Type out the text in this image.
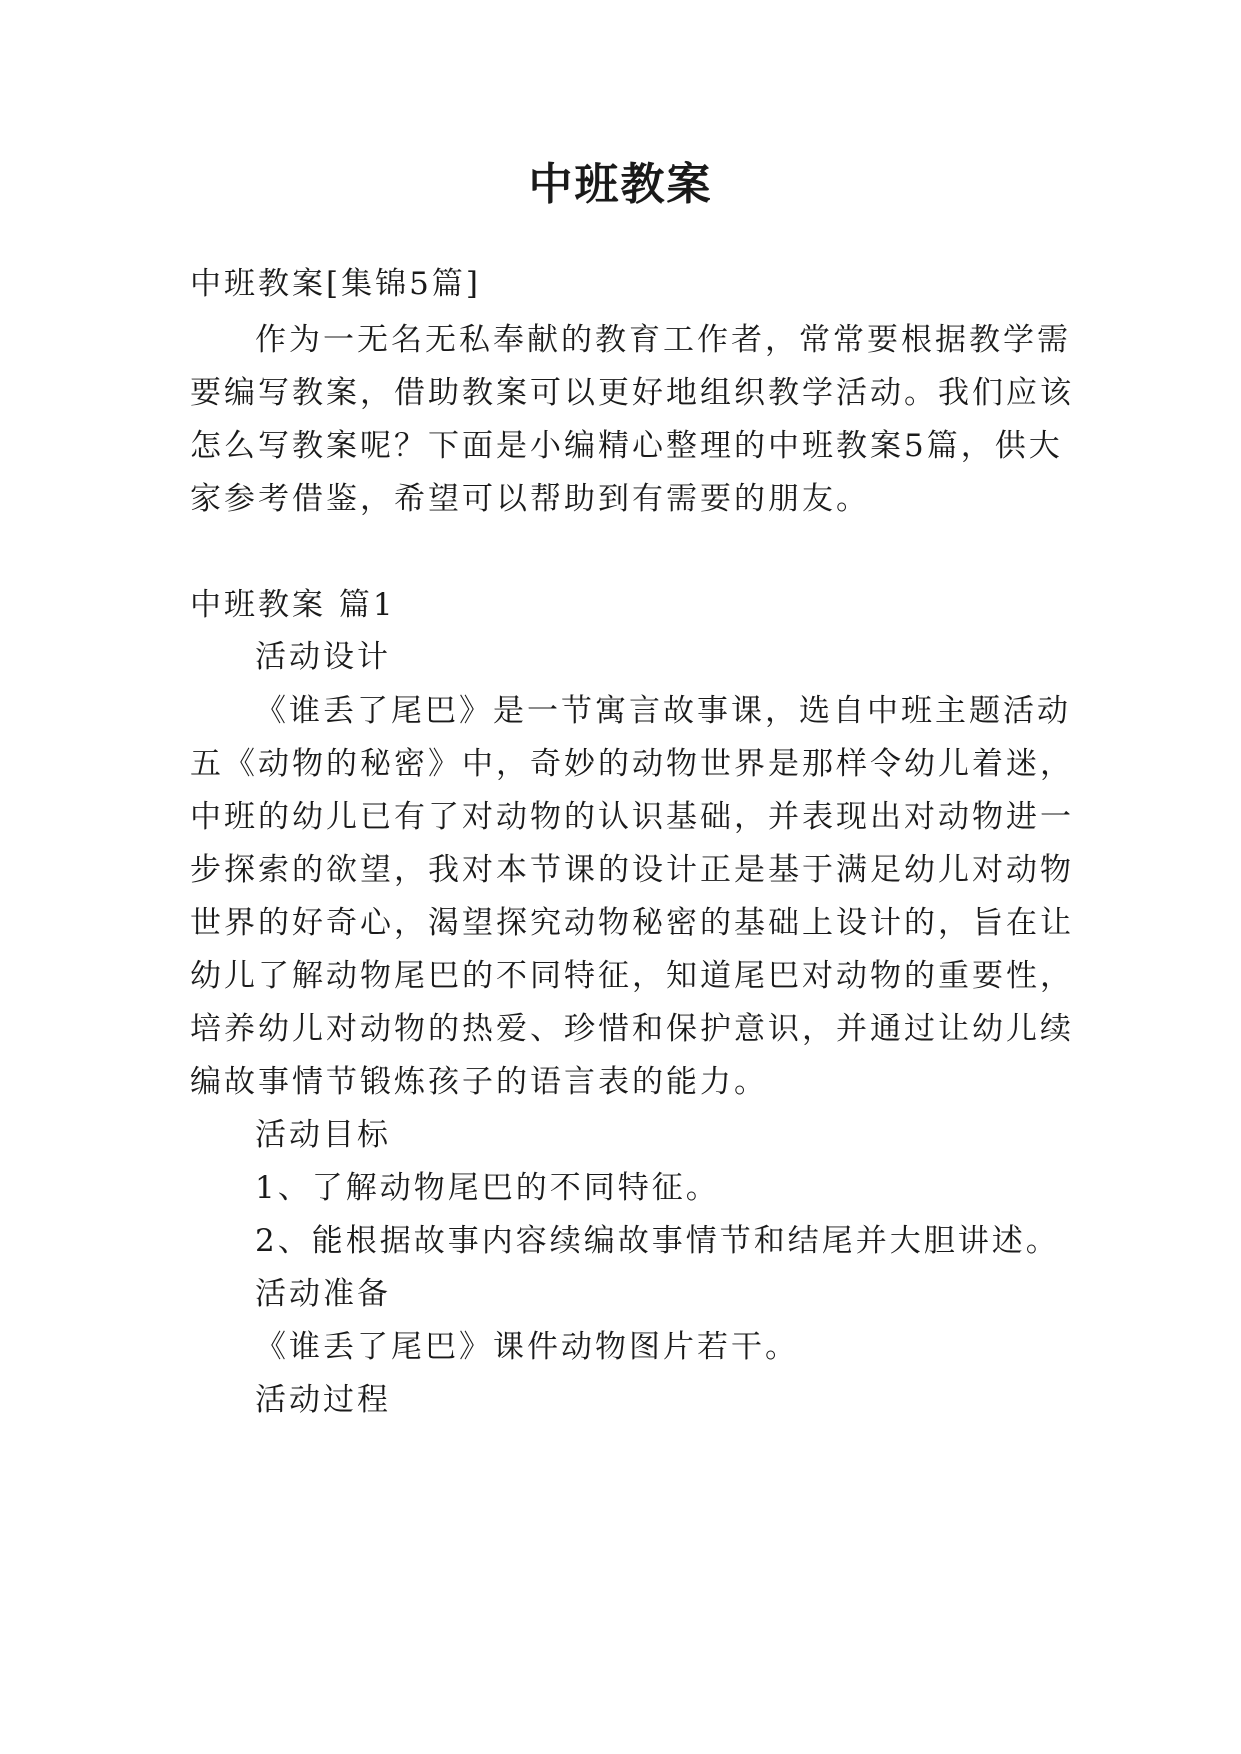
中班教案
中班教案[集锦5篇]
作为一无名无私奉献的教育工作者，常常要根据教学需
要编写教案，借助教案可以更好地组织教学活动。我们应该
怎么写教案呢？下面是小编精心整理的中班教案5篇，供大
家参考借鉴，希望可以帮助到有需要的朋友。
中班教案 篇1
活动设计
《谁丢了尾巴》是一节寓言故事课，选自中班主题活动
五《动物的秘密》中，奇妙的动物世界是那样令幼儿着迷，
中班的幼儿已有了对动物的认识基础，并表现出对动物进一
步探索的欲望，我对本节课的设计正是基于满足幼儿对动物
世界的好奇心，渴望探究动物秘密的基础上设计的，旨在让
幼儿了解动物尾巴的不同特征，知道尾巴对动物的重要性，
培养幼儿对动物的热爱、珍惜和保护意识，并通过让幼儿续
编故事情节锻炼孩子的语言表的能力。
活动目标
1、了解动物尾巴的不同特征。
2、能根据故事内容续编故事情节和结尾并大胆讲述。
活动准备
《谁丢了尾巴》课件动物图片若干。
活动过程
